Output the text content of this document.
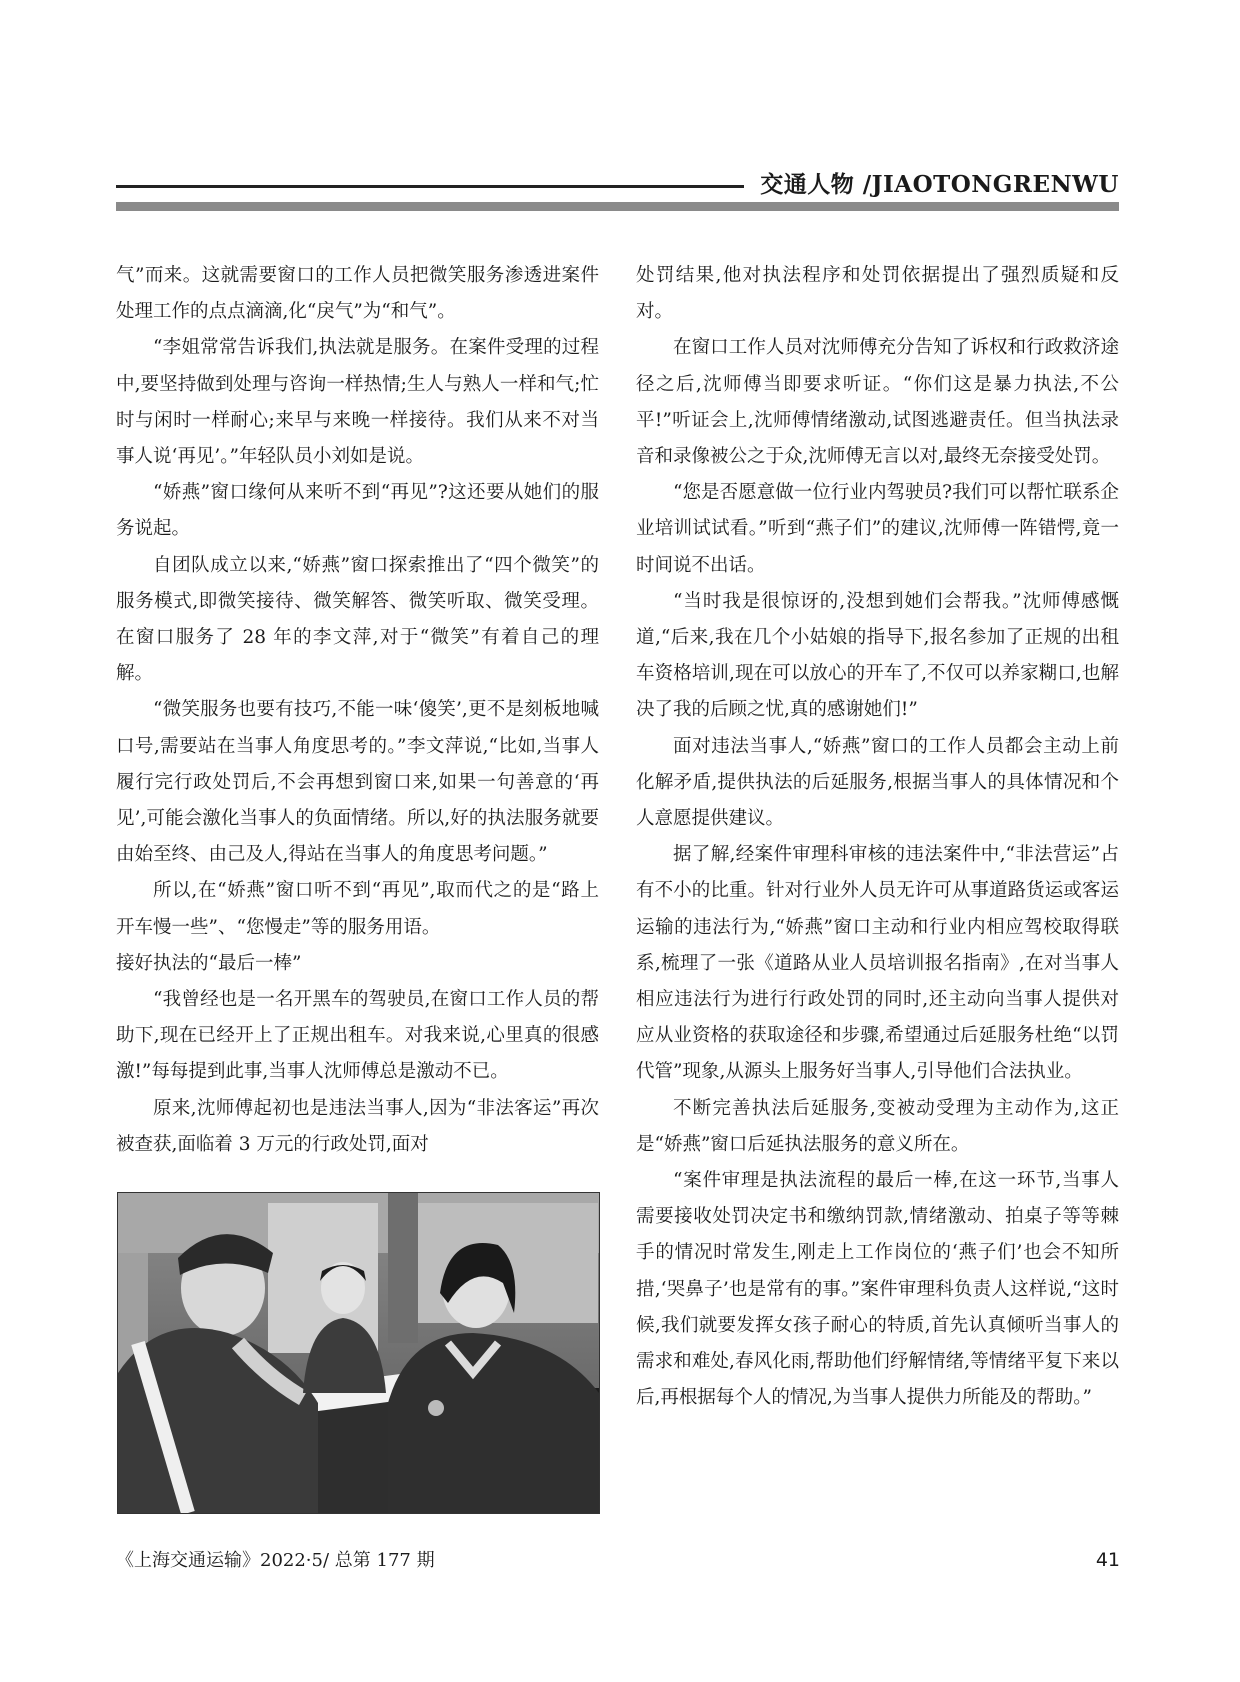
交通人物 /JIAOTONGRENWU

气”而来。这就需要窗口的工作人员把微笑服务渗透进案件处理工作的点点滴滴,化“戾气”为“和气”。

“李姐常常告诉我们,执法就是服务。在案件受理的过程中,要坚持做到处理与咨询一样热情;生人与熟人一样和气;忙时与闲时一样耐心;来早与来晚一样接待。我们从来不对当事人说‘再见’。”年轻队员小刘如是说。

“娇燕”窗口缘何从来听不到“再见”?这还要从她们的服务说起。

自团队成立以来,“娇燕”窗口探索推出了“四个微笑”的服务模式,即微笑接待、微笑解答、微笑听取、微笑受理。在窗口服务了 28 年的李文萍,对于“微笑”有着自己的理解。

“微笑服务也要有技巧,不能一味‘傻笑’,更不是刻板地喊口号,需要站在当事人角度思考的。”李文萍说,“比如,当事人履行完行政处罚后,不会再想到窗口来,如果一句善意的‘再见’,可能会激化当事人的负面情绪。所以,好的执法服务就要由始至终、由己及人,得站在当事人的角度思考问题。”

所以,在“娇燕”窗口听不到“再见”,取而代之的是“路上开车慢一些”、“您慢走”等的服务用语。

接好执法的“最后一棒”

“我曾经也是一名开黑车的驾驶员,在窗口工作人员的帮助下,现在已经开上了正规出租车。对我来说,心里真的很感激!”每每提到此事,当事人沈师傅总是激动不已。

原来,沈师傅起初也是违法当事人,因为“非法客运”再次被查获,面临着 3 万元的行政处罚,面对

处罚结果,他对执法程序和处罚依据提出了强烈质疑和反对。

在窗口工作人员对沈师傅充分告知了诉权和行政救济途径之后,沈师傅当即要求听证。“你们这是暴力执法,不公平!”听证会上,沈师傅情绪激动,试图逃避责任。但当执法录音和录像被公之于众,沈师傅无言以对,最终无奈接受处罚。

“您是否愿意做一位行业内驾驶员?我们可以帮忙联系企业培训试试看。”听到“燕子们”的建议,沈师傅一阵错愕,竟一时间说不出话。

“当时我是很惊讶的,没想到她们会帮我。”沈师傅感慨道,“后来,我在几个小姑娘的指导下,报名参加了正规的出租车资格培训,现在可以放心的开车了,不仅可以养家糊口,也解决了我的后顾之忧,真的感谢她们!”

面对违法当事人,“娇燕”窗口的工作人员都会主动上前化解矛盾,提供执法的后延服务,根据当事人的具体情况和个人意愿提供建议。

据了解,经案件审理科审核的违法案件中,“非法营运”占有不小的比重。针对行业外人员无许可从事道路货运或客运运输的违法行为,“娇燕”窗口主动和行业内相应驾校取得联系,梳理了一张《道路从业人员培训报名指南》,在对当事人相应违法行为进行行政处罚的同时,还主动向当事人提供对应从业资格的获取途径和步骤,希望通过后延服务杜绝“以罚代管”现象,从源头上服务好当事人,引导他们合法执业。

不断完善执法后延服务,变被动受理为主动作为,这正是“娇燕”窗口后延执法服务的意义所在。

“案件审理是执法流程的最后一棒,在这一环节,当事人需要接收处罚决定书和缴纳罚款,情绪激动、拍桌子等等棘手的情况时常发生,刚走上工作岗位的‘燕子们’也会不知所措,‘哭鼻子’也是常有的事。”案件审理科负责人这样说,“这时候,我们就要发挥女孩子耐心的特质,首先认真倾听当事人的需求和难处,春风化雨,帮助他们纾解情绪,等情绪平复下来以后,再根据每个人的情况,为当事人提供力所能及的帮助。”

《上海交通运输》2022·5/ 总第 177 期	41
